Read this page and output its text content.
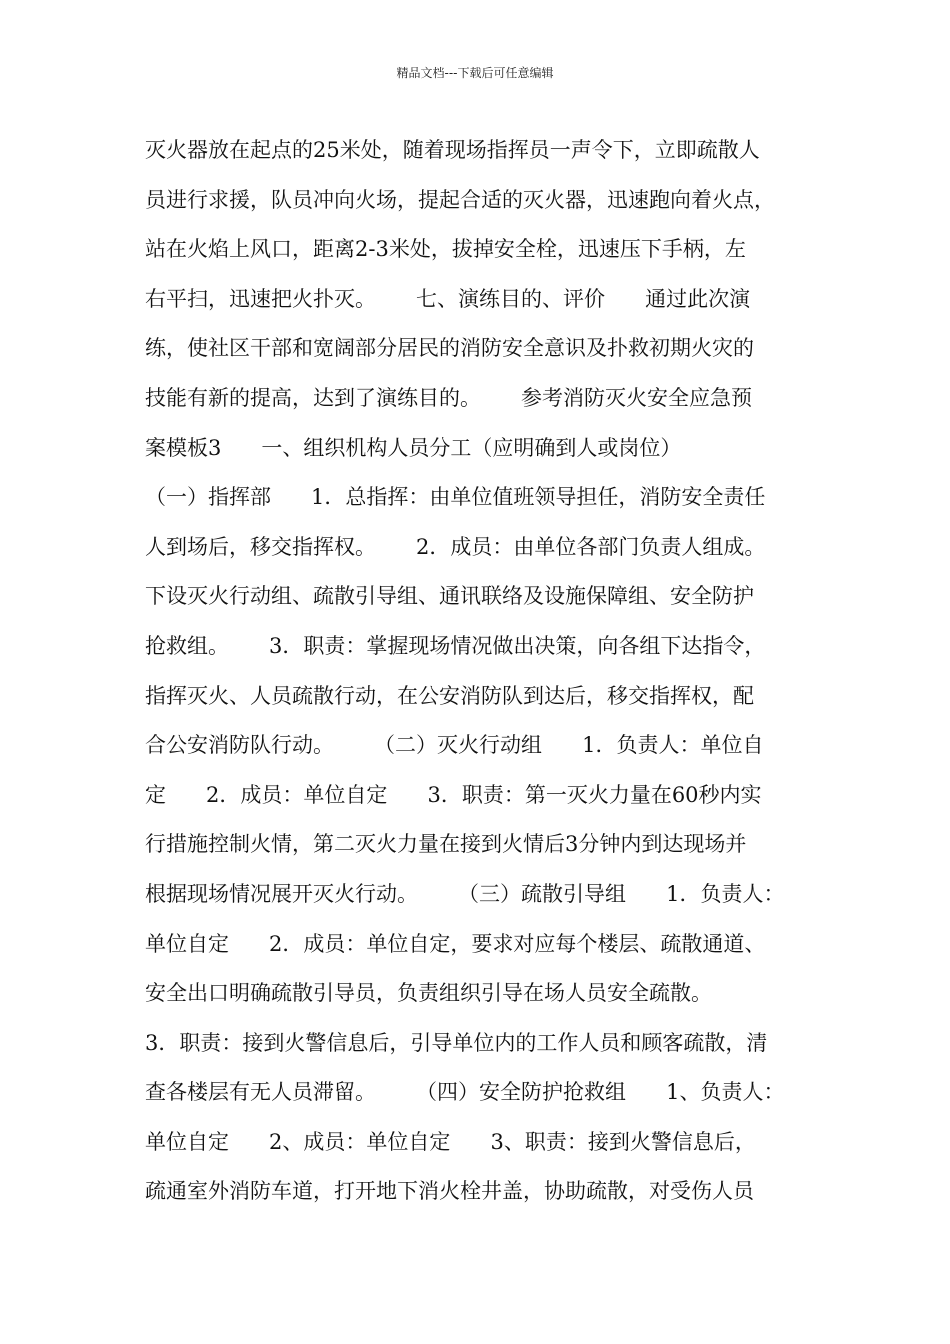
精品文档---下载后可任意编辑
灭火器放在起点的25米处，随着现场指挥员一声令下，立即疏散人
员进行求援，队员冲向火场，提起合适的灭火器，迅速跑向着火点，
站在火焰上风口，距离2-3米处，拔掉安全栓，迅速压下手柄，左
右平扫，迅速把火扑灭。      七、演练目的、评价      通过此次演
练，使社区干部和宽阔部分居民的消防安全意识及扑救初期火灾的
技能有新的提高，达到了演练目的。      参考消防灭火安全应急预
案模板3      一、组织机构人员分工（应明确到人或岗位）
（一）指挥部      1．总指挥：由单位值班领导担任，消防安全责任
人到场后，移交指挥权。      2．成员：由单位各部门负责人组成。
下设灭火行动组、疏散引导组、通讯联络及设施保障组、安全防护
抢救组。      3．职责：掌握现场情况做出决策，向各组下达指令，
指挥灭火、人员疏散行动，在公安消防队到达后，移交指挥权，配
合公安消防队行动。      （二）灭火行动组      1．负责人：单位自
定      2．成员：单位自定      3．职责：第一灭火力量在60秒内实
行措施控制火情，第二灭火力量在接到火情后3分钟内到达现场并
根据现场情况展开灭火行动。      （三）疏散引导组      1．负责人：
单位自定      2．成员：单位自定，要求对应每个楼层、疏散通道、
安全出口明确疏散引导员，负责组织引导在场人员安全疏散。
3．职责：接到火警信息后，引导单位内的工作人员和顾客疏散，清
查各楼层有无人员滞留。      （四）安全防护抢救组      1、负责人：
单位自定      2、成员：单位自定      3、职责：接到火警信息后，
疏通室外消防车道，打开地下消火栓井盖，协助疏散，对受伤人员
